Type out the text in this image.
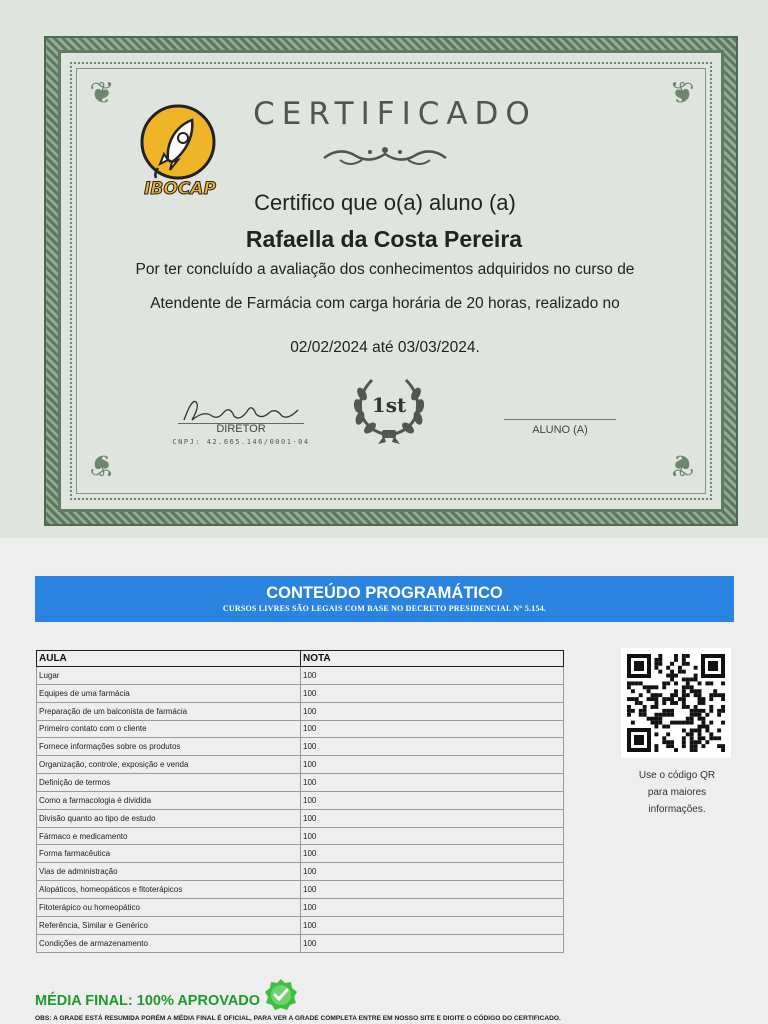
❦	❦
❦	❦
IBOCAP
CERTIFICADO
Certifico que o(a) aluno (a)
Rafaella da Costa Pereira
Por ter concluído a avaliação dos conhecimentos adquiridos no curso de
Atendente de Farmácia com carga horária de 20 horas, realizado no
02/02/2024 até 03/03/2024.
1st
DIRETOR
CNPJ: 42.665.146/0001-04
ALUNO (A)
CONTEÚDO PROGRAMÁTICO
CURSOS LIVRES SÃO LEGAIS COM BASE NO DECRETO PRESIDENCIAL N° 5.154.
AULA	NOTA
Lugar	100
Equipes de uma farmácia	100
Preparação de um balconista de farmácia	100
Primeiro contato com o cliente	100
Fornece informações sobre os produtos	100
Organização, controle, exposição e venda	100
Definição de termos	100
Como a farmacologia é dividida	100
Divisão quanto ao tipo de estudo	100
Fármaco e medicamento	100
Forma farmacêutica	100
Vias de administração	100
Alopáticos, homeopáticos e fitoterápicos	100
Fitoterápico ou homeopático	100
Referência, Similar e Genérico	100
Condições de armazenamento	100
Use o código QR
para maiores
informações.
MÉDIA FINAL: 100% APROVADO
OBS: A GRADE ESTÁ RESUMIDA PORÉM A MÉDIA FINAL É OFICIAL, PARA VER A GRADE COMPLETA ENTRE EM NOSSO SITE E DIGITE O CÓDIGO DO CERTIFICADO.
